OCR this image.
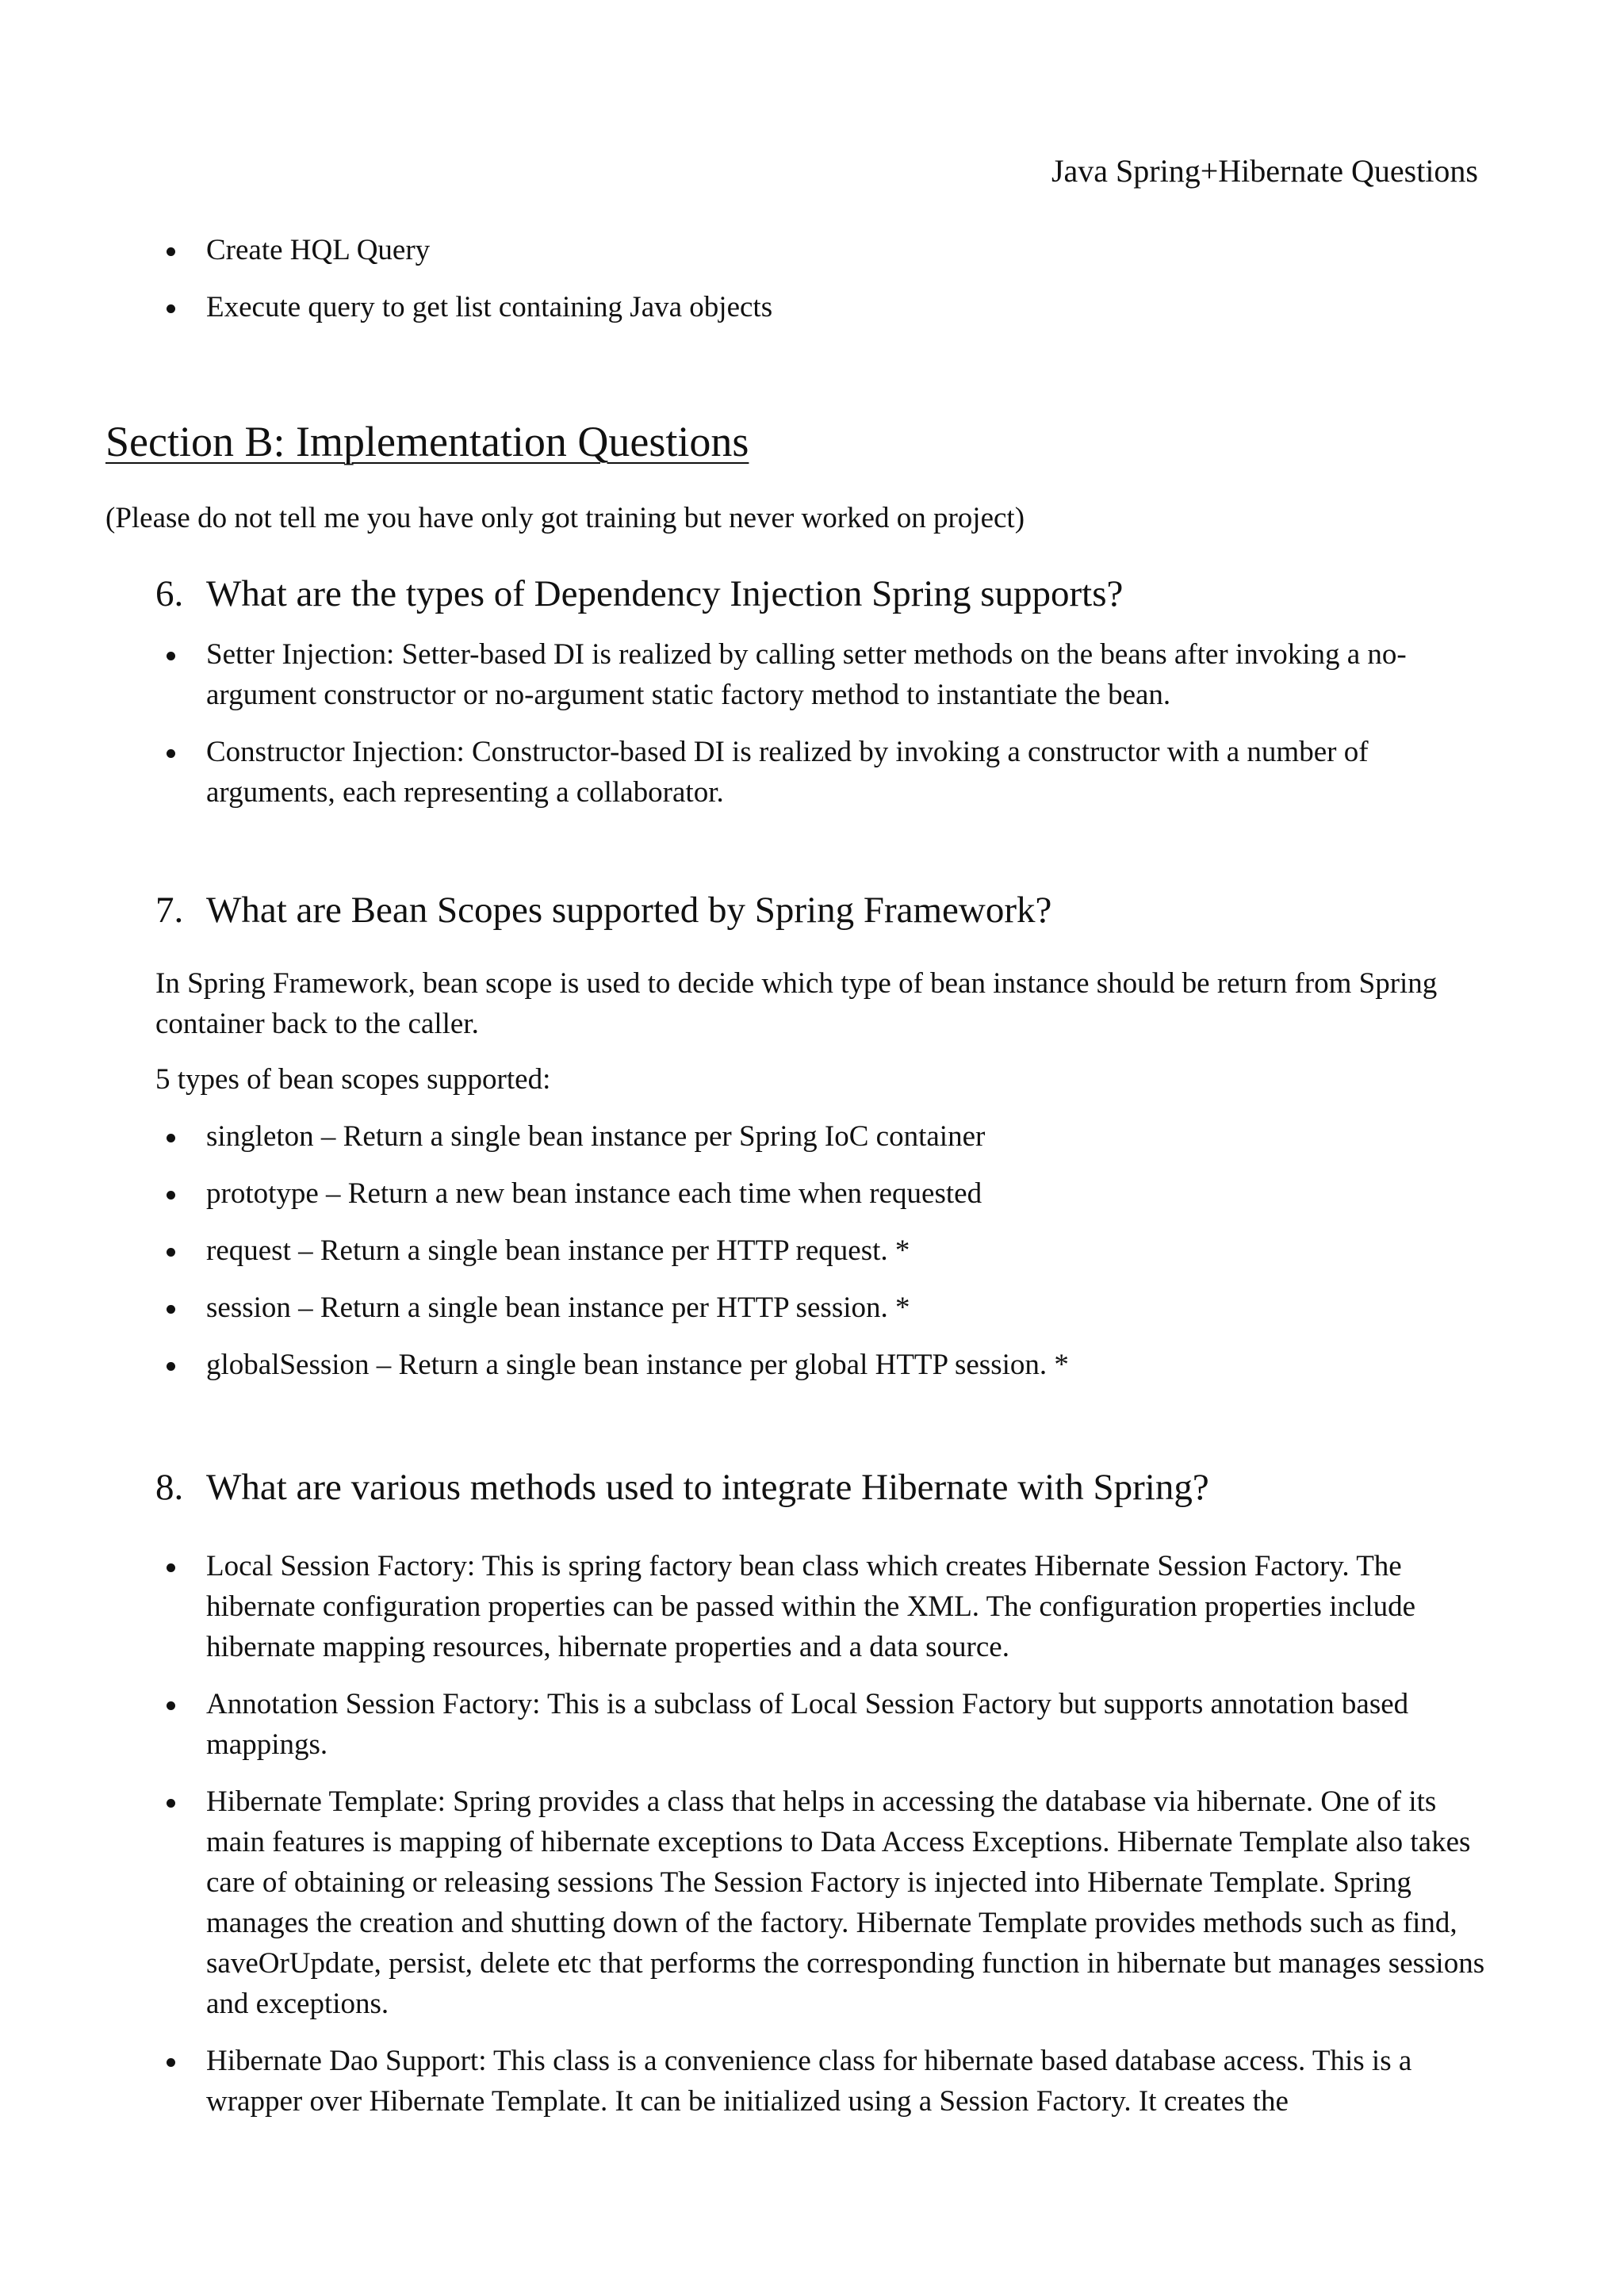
Java Spring+Hibernate Questions
Create HQL Query
Execute query to get list containing Java objects
Section B: Implementation Questions
(Please do not tell me you have only got training but never worked on project)
6. What are the types of Dependency Injection Spring supports?
Setter Injection: Setter-based DI is realized by calling setter methods on the beans after invoking a no-argument constructor or no-argument static factory method to instantiate the bean.
Constructor Injection: Constructor-based DI is realized by invoking a constructor with a number of arguments, each representing a collaborator.
7. What are Bean Scopes supported by Spring Framework?
In Spring Framework, bean scope is used to decide which type of bean instance should be return from Spring container back to the caller.
5 types of bean scopes supported:
singleton – Return a single bean instance per Spring IoC container
prototype – Return a new bean instance each time when requested
request – Return a single bean instance per HTTP request. *
session – Return a single bean instance per HTTP session. *
globalSession – Return a single bean instance per global HTTP session. *
8. What are various methods used to integrate Hibernate with Spring?
Local Session Factory: This is spring factory bean class which creates Hibernate Session Factory. The hibernate configuration properties can be passed within the XML. The configuration properties include hibernate mapping resources, hibernate properties and a data source.
Annotation Session Factory: This is a subclass of Local Session Factory but supports annotation based mappings.
Hibernate Template: Spring provides a class that helps in accessing the database via hibernate. One of its main features is mapping of hibernate exceptions to Data Access Exceptions. Hibernate Template also takes care of obtaining or releasing sessions The Session Factory is injected into Hibernate Template. Spring manages the creation and shutting down of the factory. Hibernate Template provides methods such as find, saveOrUpdate, persist, delete etc that performs the corresponding function in hibernate but manages sessions and exceptions.
Hibernate Dao Support: This class is a convenience class for hibernate based database access. This is a wrapper over Hibernate Template. It can be initialized using a Session Factory. It creates the
